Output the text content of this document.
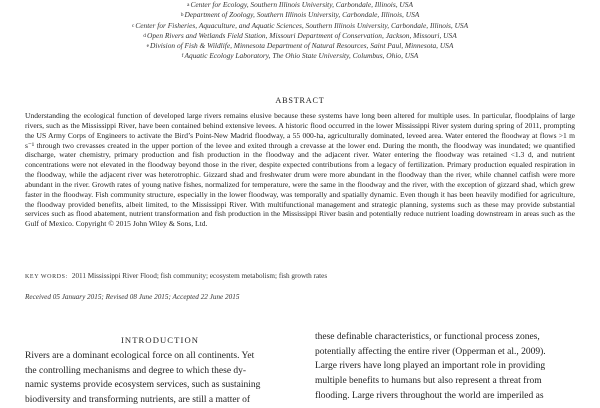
$^a$Center for Ecology, Southern Illinois University, Carbondale, Illinois, USA
$^b$Department of Zoology, Southern Illinois University, Carbondale, Illinois, USA
$^c$Center for Fisheries, Aquaculture, and Aquatic Sciences, Southern Illinois University, Carbondale, Illinois, USA
$^d$Open Rivers and Wetlands Field Station, Missouri Department of Conservation, Jackson, Missouri, USA
$^e$Division of Fish & Wildlife, Minnesota Department of Natural Resources, Saint Paul, Minnesota, USA
$^f$Aquatic Ecology Laboratory, The Ohio State University, Columbus, Ohio, USA
ABSTRACT
Understanding the ecological function of developed large rivers remains elusive because these systems have long been altered for multiple uses. In particular, floodplains of large rivers, such as the Mississippi River, have been contained behind extensive levees. A historic flood occurred in the lower Mississippi River system during spring of 2011, prompting the US Army Corps of Engineers to activate the Bird’s Point-New Madrid floodway, a 55 000-ha, agriculturally dominated, leveed area. Water entered the floodway at flows >1 m s⁻¹ through two crevasses created in the upper portion of the levee and exited through a crevasse at the lower end. During the month, the floodway was inundated; we quantified discharge, water chemistry, primary production and fish production in the floodway and the adjacent river. Water entering the floodway was retained <1.3 d, and nutrient concentrations were not elevated in the floodway beyond those in the river, despite expected contributions from a legacy of fertilization. Primary production equaled respiration in the floodway, while the adjacent river was heterotrophic. Gizzard shad and freshwater drum were more abundant in the floodway than the river, while channel catfish were more abundant in the river. Growth rates of young native fishes, normalized for temperature, were the same in the floodway and the river, with the exception of gizzard shad, which grew faster in the floodway. Fish community structure, especially in the lower floodway, was temporally and spatially dynamic. Even though it has been heavily modified for agriculture, the floodway provided benefits, albeit limited, to the Mississippi River. With multifunctional management and strategic planning, systems such as these may provide substantial services such as flood abatement, nutrient transformation and fish production in the Mississippi River basin and potentially reduce nutrient loading downstream in areas such as the Gulf of Mexico. Copyright © 2015 John Wiley & Sons, Ltd.
KEY WORDS: 2011 Mississippi River Flood; fish community; ecosystem metabolism; fish growth rates
Received 05 January 2015; Revised 08 June 2015; Accepted 22 June 2015
INTRODUCTION
Rivers are a dominant ecological force on all continents. Yet
the controlling mechanisms and degree to which these dy-
namic systems provide ecosystem services, such as sustaining
biodiversity and transforming nutrients, are still a matter of
these definable characteristics, or functional process zones,
potentially affecting the entire river (Opperman et al., 2009).
Large rivers have long played an important role in providing
multiple benefits to humans but also represent a threat from
flooding. Large rivers throughout the world are imperiled as
